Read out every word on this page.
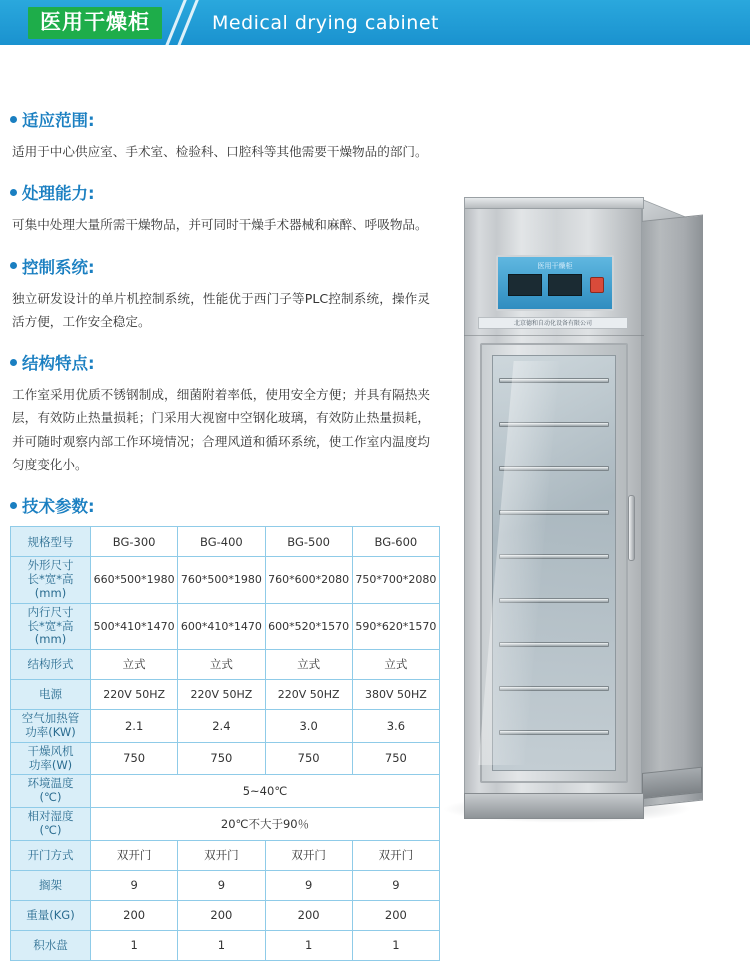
医用干燥柜	Medical drying cabinet
适应范围:
适用于中心供应室、手术室、检验科、口腔科等其他需要干燥物品的部门。
处理能力:
可集中处理大量所需干燥物品，并可同时干燥手术器械和麻醉、呼吸物品。
控制系统:
独立研发设计的单片机控制系统，性能优于西门子等PLC控制系统，操作灵活方便，工作安全稳定。
结构特点:
工作室采用优质不锈钢制成，细菌附着率低，使用安全方便；并具有隔热夹层，有效防止热量损耗；门采用大视窗中空钢化玻璃，有效防止热量损耗，并可随时观察内部工作环境情况；合理风道和循环系统，使工作室内温度均匀度变化小。
技术参数:
规格型号	BG-300	BG-400	BG-500	BG-600
外形尺寸
长*宽*高(mm)	660*500*1980	760*500*1980	760*600*2080	750*700*2080
内行尺寸
长*宽*高(mm)	500*410*1470	600*410*1470	600*520*1570	590*620*1570
结构形式	立式	立式	立式	立式
电源	220V 50HZ	220V 50HZ	220V 50HZ	380V 50HZ
空气加热管
功率(KW)	2.1	2.4	3.0	3.6
干燥风机
功率(W)	750	750	750	750
环境温度
(℃)	5~40℃			
相对湿度
(℃)	20℃不大于90％			
开门方式	双开门	双开门	双开门	双开门
搁架	9	9	9	9
重量(KG)	200	200	200	200
积水盘	1	1	1	1
医用干燥柜
北京德和自动化设备有限公司
